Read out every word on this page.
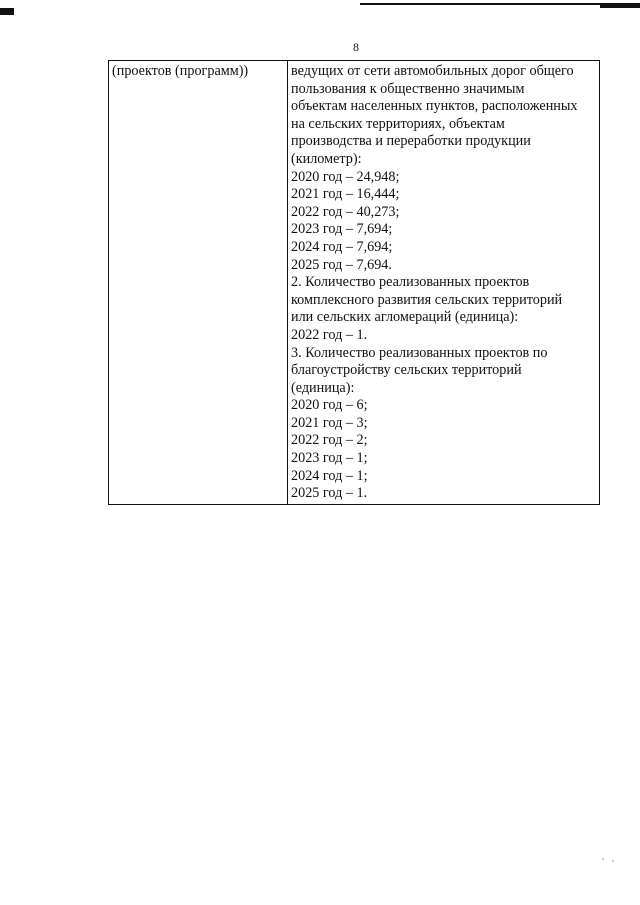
8
(проектов (программ))	ведущих от сети автомобильных дорог общего
пользования к общественно значимым
объектам населенных пунктов, расположенных
на сельских территориях, объектам
производства и переработки продукции
(километр):
2020 год – 24,948;
2021 год – 16,444;
2022 год – 40,273;
2023 год – 7,694;
2024 год – 7,694;
2025 год – 7,694.
2. Количество реализованных проектов
комплексного развития сельских территорий
или сельских агломераций (единица):
2022 год – 1.
3. Количество реализованных проектов по
благоустройству сельских территорий
(единица):
2020 год – 6;
2021 год – 3;
2022 год – 2;
2023 год – 1;
2024 год – 1;
2025 год – 1.
